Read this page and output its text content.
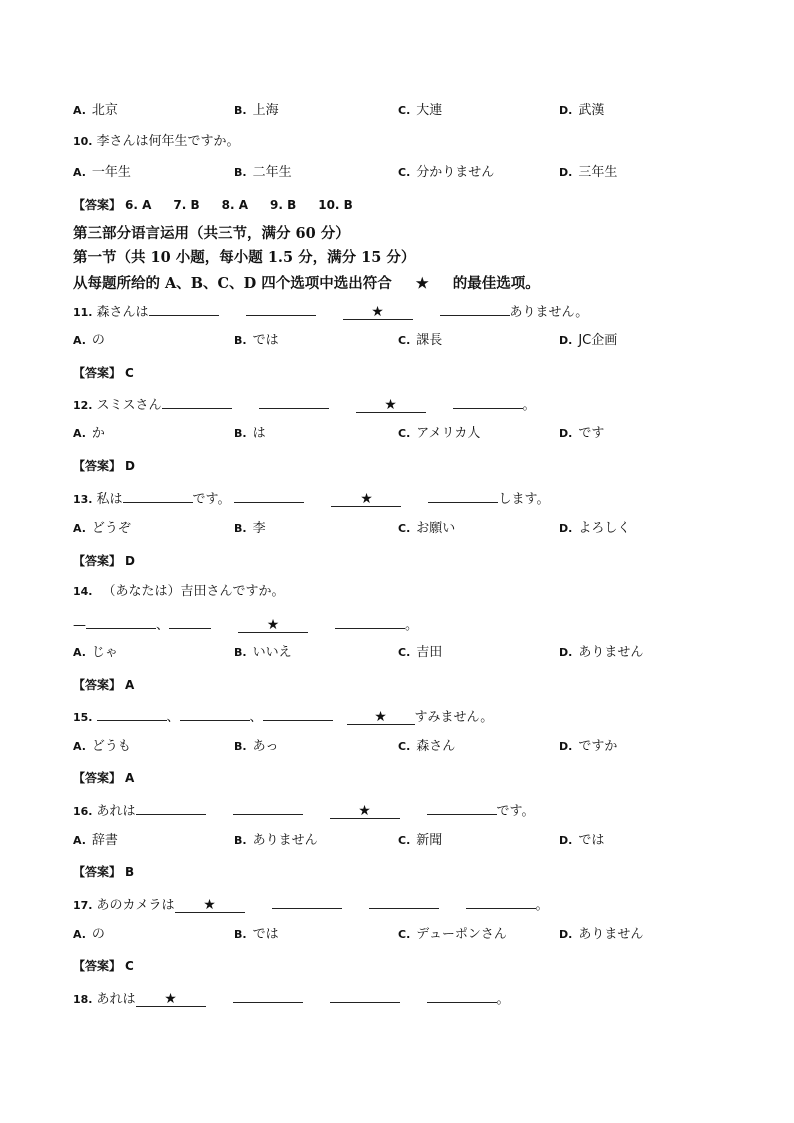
A. 北京	B. 上海	C. 大連	D. 武漢
10. 李さんは何年生ですか。
A. 一年生	B. 二年生	C. 分かりません	D. 三年生
【答案】 6. A 7. B 8. A 9. B 10. B
第三部分语言运用（共三节，满分 60 分）
第一节（共 10 小题，每小题 1.5 分，满分 15 分）
从每题所给的 A、B、C、D 四个选项中选出符合 ★ 的最佳选项。
11. 森さんは	★	ありません。
A. の	B. では	C. 課長	D. JC企画
【答案】 C
12. スミスさん	★	。
A. か	B. は	C. アメリカ人	D. です
【答案】 D
13. 私は	です。	★	します。
A. どうぞ	B. 李	C. お願い	D. よろしく
【答案】 D
14. （あなたは）吉田さんですか。
—	、	★	。
A. じゃ	B. いいえ	C. 吉田	D. ありません
【答案】 A
15.	、	、	★ すみません。
A. どうも	B. あっ	C. 森さん	D. ですか
【答案】 A
16. あれは	★	です。
A. 辞書	B. ありません	C. 新聞	D. では
【答案】 B
17. あのカメラは ★	。
A. の	B. では	C. デューポンさん	D. ありません
【答案】 C
18. あれは ★	。
